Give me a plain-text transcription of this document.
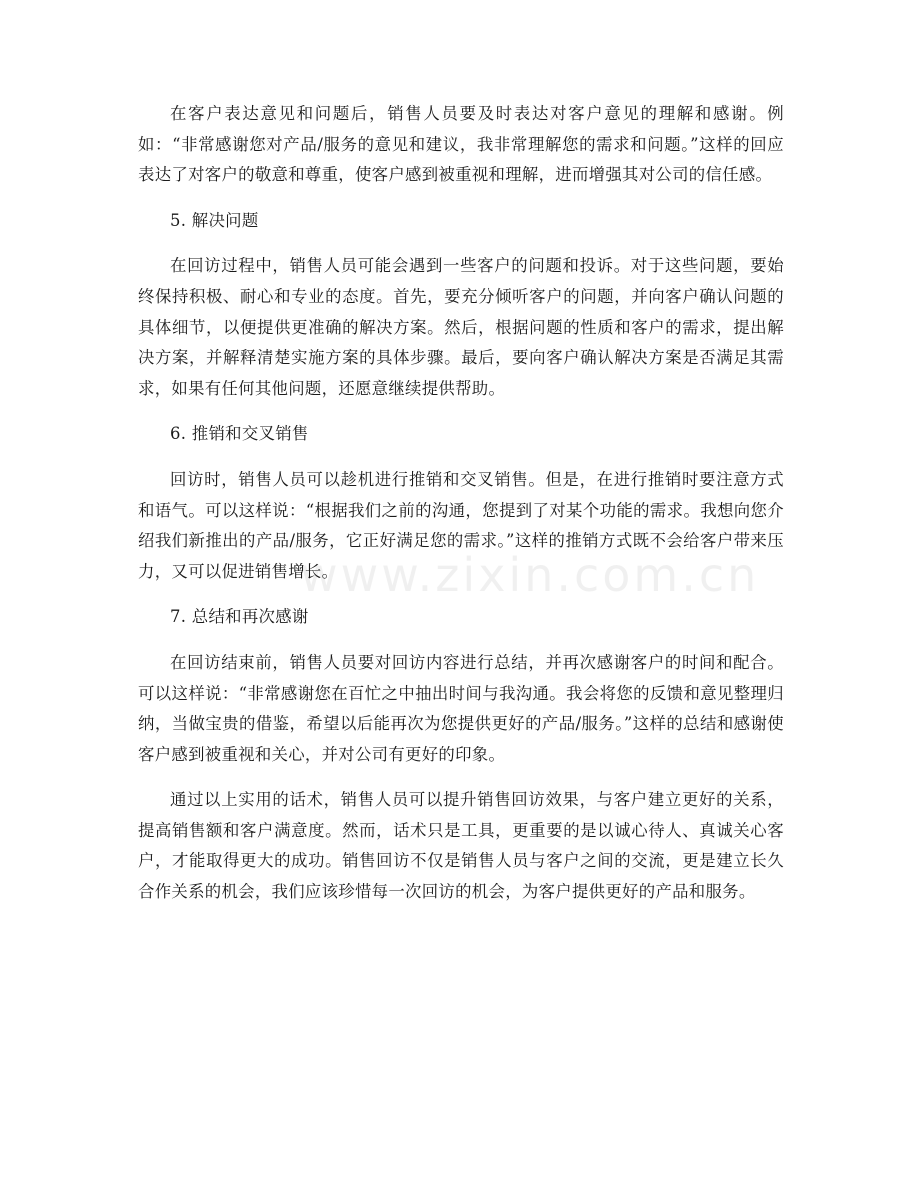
在客户表达意见和问题后，销售人员要及时表达对客户意见的理解和感谢。例如：“非常感谢您对产品/服务的意见和建议，我非常理解您的需求和问题。”这样的回应表达了对客户的敬意和尊重，使客户感到被重视和理解，进而增强其对公司的信任感。

5. 解决问题

在回访过程中，销售人员可能会遇到一些客户的问题和投诉。对于这些问题，要始终保持积极、耐心和专业的态度。首先，要充分倾听客户的问题，并向客户确认问题的具体细节，以便提供更准确的解决方案。然后，根据问题的性质和客户的需求，提出解决方案，并解释清楚实施方案的具体步骤。最后，要向客户确认解决方案是否满足其需求，如果有任何其他问题，还愿意继续提供帮助。

6. 推销和交叉销售

回访时，销售人员可以趁机进行推销和交叉销售。但是，在进行推销时要注意方式和语气。可以这样说：“根据我们之前的沟通，您提到了对某个功能的需求。我想向您介绍我们新推出的产品/服务，它正好满足您的需求。”这样的推销方式既不会给客户带来压力，又可以促进销售增长。

7. 总结和再次感谢

在回访结束前，销售人员要对回访内容进行总结，并再次感谢客户的时间和配合。可以这样说：“非常感谢您在百忙之中抽出时间与我沟通。我会将您的反馈和意见整理归纳，当做宝贵的借鉴，希望以后能再次为您提供更好的产品/服务。”这样的总结和感谢使客户感到被重视和关心，并对公司有更好的印象。

通过以上实用的话术，销售人员可以提升销售回访效果，与客户建立更好的关系，提高销售额和客户满意度。然而，话术只是工具，更重要的是以诚心待人、真诚关心客户，才能取得更大的成功。销售回访不仅是销售人员与客户之间的交流，更是建立长久合作关系的机会，我们应该珍惜每一次回访的机会，为客户提供更好的产品和服务。

www.zixin.com.cn
